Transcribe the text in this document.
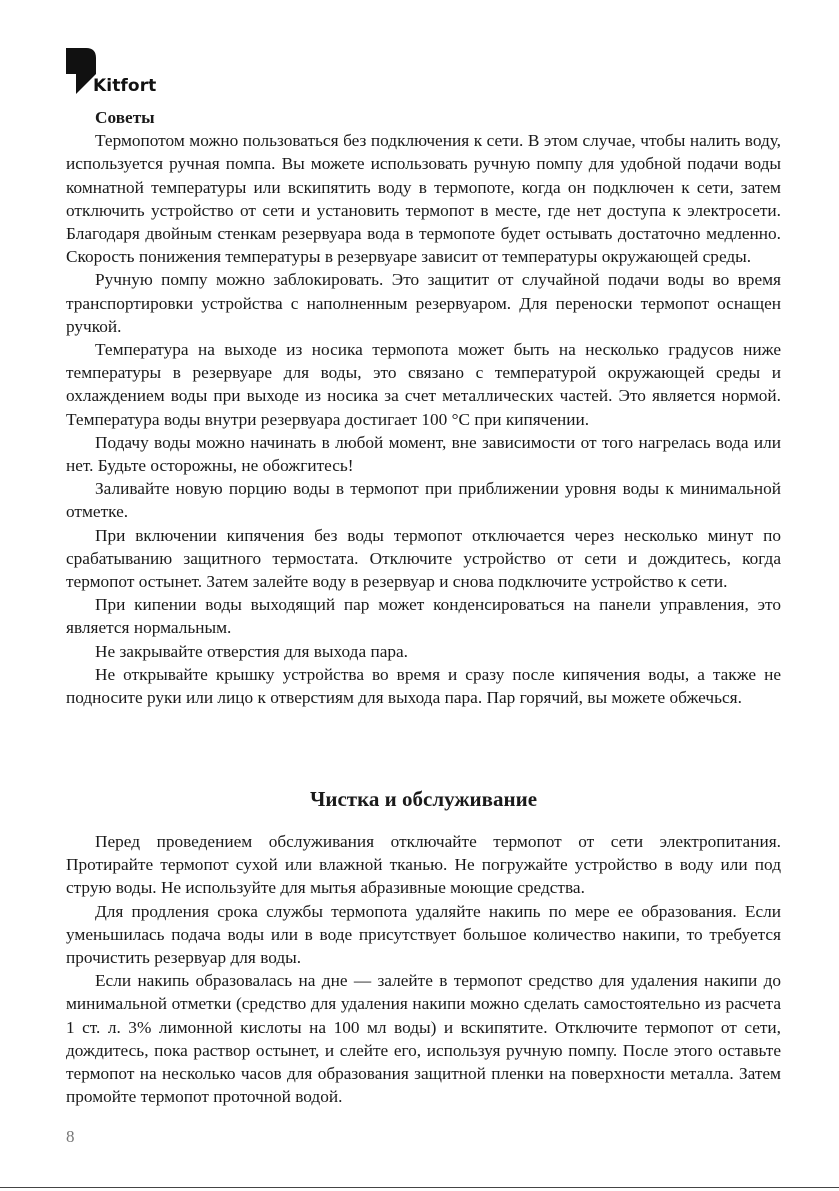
Kitfort
Советы

Термопотом можно пользоваться без подключения к сети. В этом случае, чтобы налить воду, используется ручная помпа. Вы можете использовать ручную помпу для удобной подачи воды комнатной температуры или вскипятить воду в термопоте, когда он подключен к сети, затем отключить устройство от сети и установить термопот в месте, где нет доступа к электросети. Благодаря двойным стенкам резервуара вода в термопоте будет остывать достаточно медленно. Скорость понижения температуры в резервуаре зависит от температуры окружающей среды.

Ручную помпу можно заблокировать. Это защитит от случайной подачи воды во время транспортировки устройства с наполненным резервуаром. Для переноски термопот оснащен ручкой.

Температура на выходе из носика термопота может быть на несколько градусов ниже температуры в резервуаре для воды, это связано с температурой окружающей среды и охлаждением воды при выходе из носика за счет металлических частей. Это является нормой. Температура воды внутри резервуара достигает 100 °С при кипячении.

Подачу воды можно начинать в любой момент, вне зависимости от того нагрелась вода или нет. Будьте осторожны, не обожгитесь!

Заливайте новую порцию воды в термопот при приближении уровня воды к минимальной отметке.

При включении кипячения без воды термопот отключается через несколько минут по срабатыванию защитного термостата. Отключите устройство от сети и дождитесь, когда термопот остынет. Затем залейте воду в резервуар и снова подключите устройство к сети.

При кипении воды выходящий пар может конденсироваться на панели управления, это является нормальным.

Не закрывайте отверстия для выхода пара.

Не открывайте крышку устройства во время и сразу после кипячения воды, а также не подносите руки или лицо к отверстиям для выхода пара. Пар горячий, вы можете обжечься.

Чистка и обслуживание

Перед проведением обслуживания отключайте термопот от сети электропитания. Протирайте термопот сухой или влажной тканью. Не погружайте устройство в воду или под струю воды. Не используйте для мытья абразивные моющие средства.

Для продления срока службы термопота удаляйте накипь по мере ее образования. Если уменьшилась подача воды или в воде присутствует большое количество накипи, то требуется прочистить резервуар для воды.

Если накипь образовалась на дне — залейте в термопот средство для удаления накипи до минимальной отметки (средство для удаления накипи можно сделать самостоятельно из расчета 1 ст. л. 3% лимонной кислоты на 100 мл воды) и вскипятите. Отключите термопот от сети, дождитесь, пока раствор остынет, и слейте его, используя ручную помпу. После этого оставьте термопот на несколько часов для образования защитной пленки на поверхности металла. Затем промойте термопот проточной водой.

8
